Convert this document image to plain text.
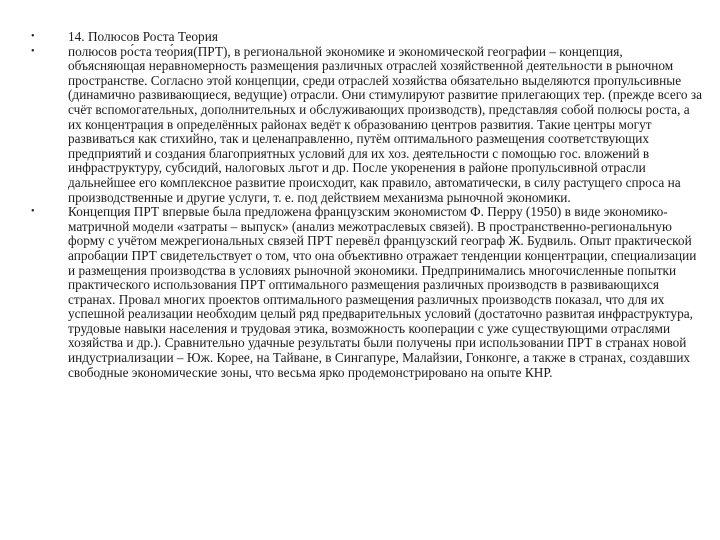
•	14. Полюсов Роста Теория
•	полюсов ро́ста тео́рия(ПРТ), в региональной экономике и экономической географии – концепция, объясняющая неравномерность размещения различных отраслей хозяйственной деятельности в рыночном пространстве. Согласно этой концепции, среди отраслей хозяйства обязательно выделяются пропульсивные (динамично развивающиеся, ведущие) отрасли. Они стимулируют развитие прилегающих тер. (прежде всего за счёт вспомогательных, дополнительных и обслуживающих производств), представляя собой полюсы роста, а их концентрация в определённых районах ведёт к образованию центров развития. Такие центры могут развиваться как стихийно, так и целенаправленно, путём оптимального размещения соответствующих предприятий и создания благоприятных условий для их хоз. деятельности с помощью гос. вложений в инфраструктуру, субсидий, налоговых льгот и др. После укоренения в районе пропульсивной отрасли дальнейшее его комплексное развитие происходит, как правило, автоматически, в силу растущего спроса на производственные и другие услуги, т. е. под действием механизма рыночной экономики.
•	Концепция ПРТ впервые была предложена французским экономистом Ф. Перру (1950) в виде экономико-матричной модели «затраты – выпуск» (анализ межотраслевых связей). В пространственно-региональную форму с учётом межрегиональных связей ПРТ перевёл французский географ Ж. Будвиль. Опыт практической апробации ПРТ свидетельствует о том, что она объективно отражает тенденции концентрации, специализации и размещения производства в условиях рыночной экономики. Предпринимались многочисленные попытки практического использования ПРТ оптимального размещения различных производств в развивающихся странах. Провал многих проектов оптимального размещения различных производств показал, что для их успешной реализации необходим целый ряд предварительных условий (достаточно развитая инфраструктура, трудовые навыки населения и трудовая этика, возможность кооперации с уже существующими отраслями хозяйства и др.). Сравнительно удачные результаты были получены при использовании ПРТ в странах новой индустриализации – Юж. Корее, на Тайване, в Сингапуре, Малайзии, Гонконге, а также в странах, создавших свободные экономические зоны, что весьма ярко продемонстрировано на опыте КНР.
